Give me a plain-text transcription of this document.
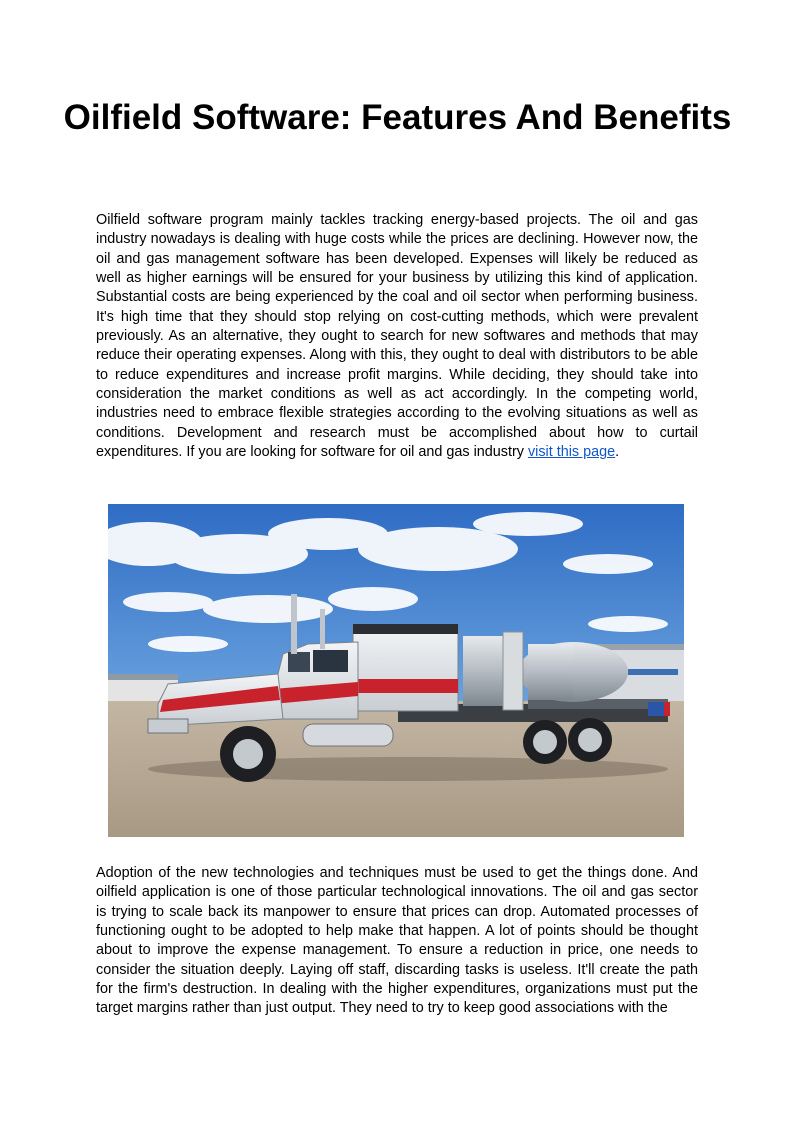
Oilfield Software: Features And Benefits

Oilfield software program mainly tackles tracking energy-based projects. The oil and gas industry nowadays is dealing with huge costs while the prices are declining. However now, the oil and gas management software has been developed. Expenses will likely be reduced as well as higher earnings will be ensured for your business by utilizing this kind of application. Substantial costs are being experienced by the coal and oil sector when performing business. It's high time that they should stop relying on cost-cutting methods, which were prevalent previously. As an alternative, they ought to search for new softwares and methods that may reduce their operating expenses. Along with this, they ought to deal with distributors to be able to reduce expenditures and increase profit margins. While deciding, they should take into consideration the market conditions as well as act accordingly. In the competing world, industries need to embrace flexible strategies according to the evolving situations as well as conditions. Development and research must be accomplished about how to curtail expenditures. If you are looking for software for oil and gas industry visit this page.

Adoption of the new technologies and techniques must be used to get the things done. And oilfield application is one of those particular technological innovations. The oil and gas sector is trying to scale back its manpower to ensure that prices can drop. Automated processes of functioning ought to be adopted to help make that happen. A lot of points should be thought about to improve the expense management. To ensure a reduction in price, one needs to consider the situation deeply. Laying off staff, discarding tasks is useless. It'll create the path for the firm's destruction. In dealing with the higher expenditures, organizations must put the target margins rather than just output. They need to try to keep good associations with the
